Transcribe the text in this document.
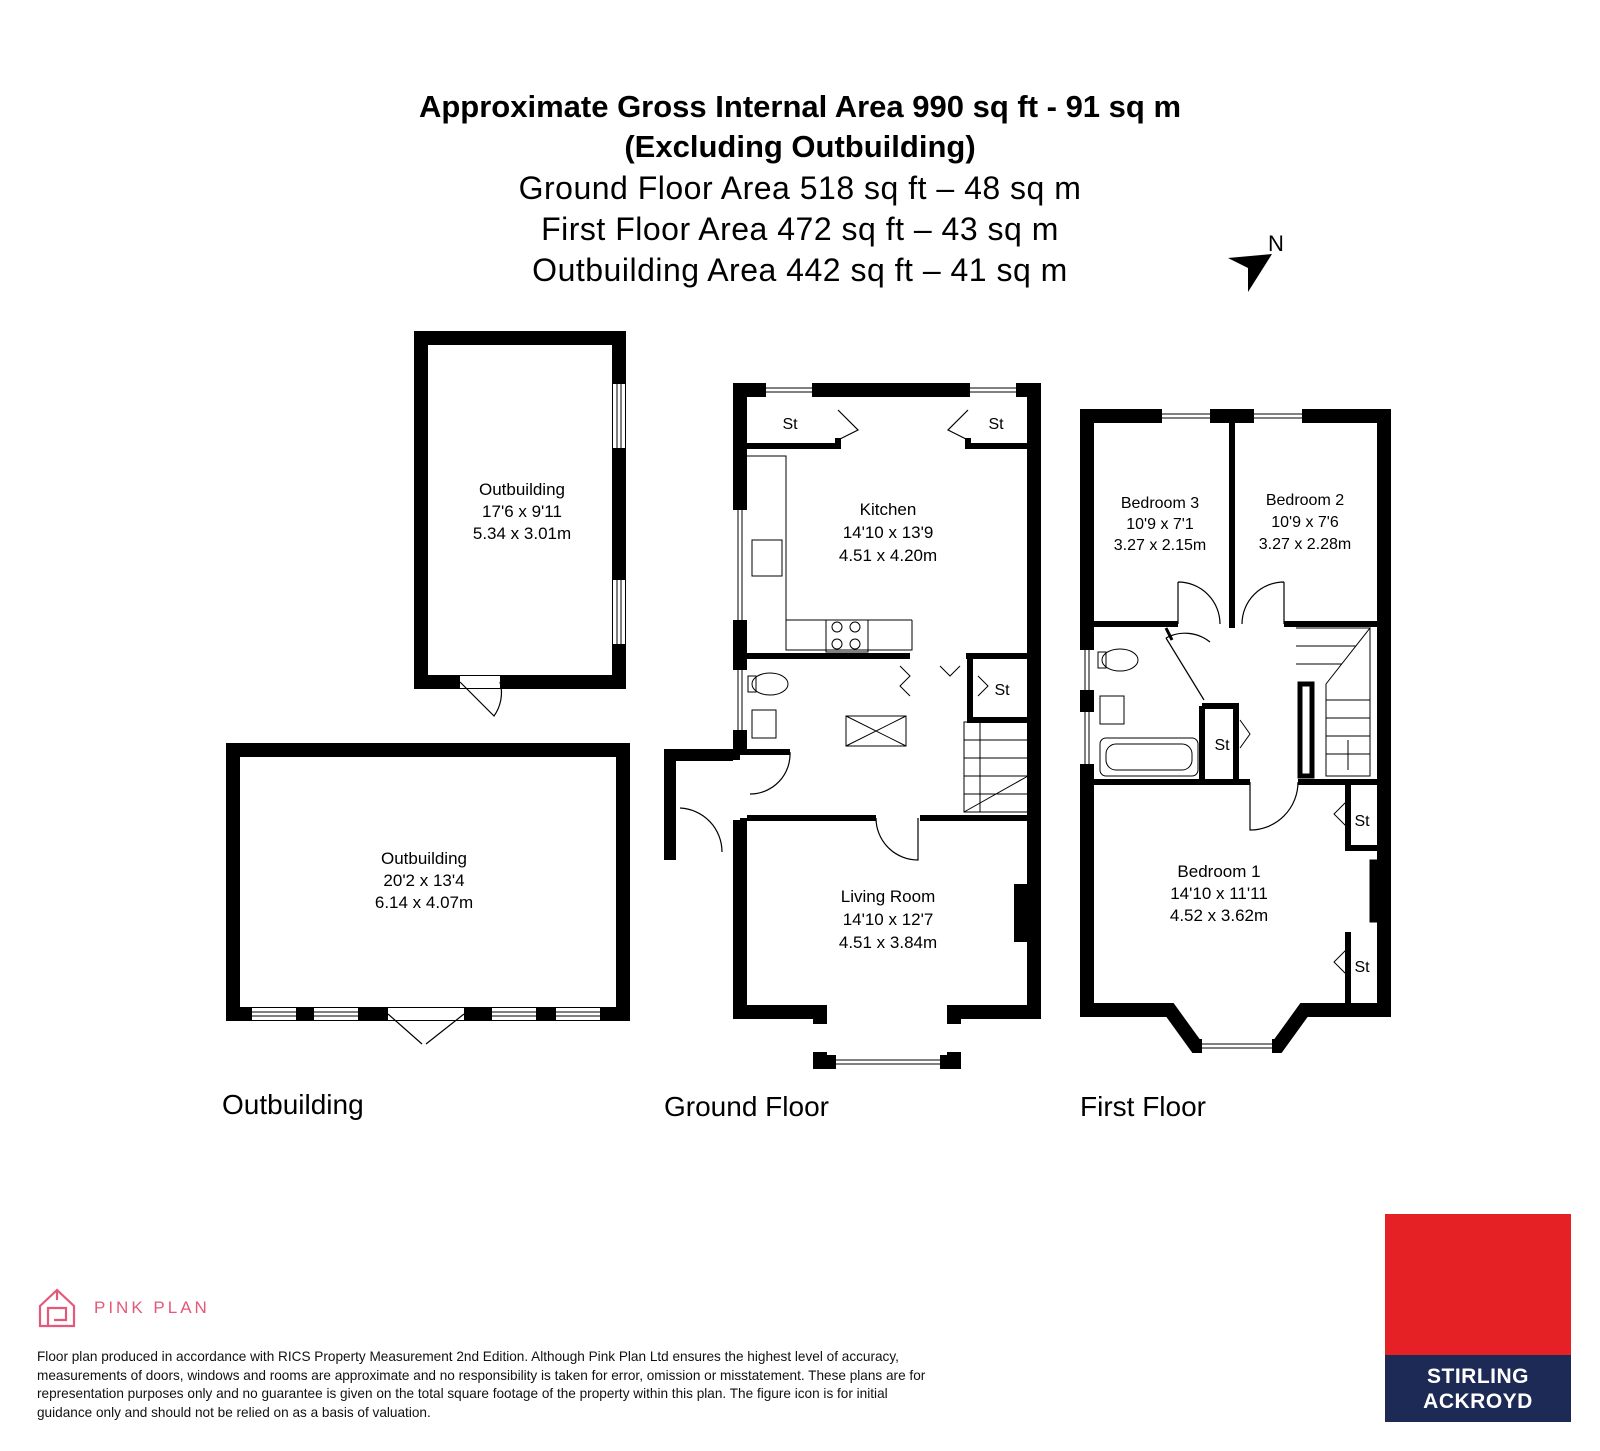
Approximate Gross Internal Area 990 sq ft - 91 sq m
(Excluding Outbuilding)
Ground Floor Area 518 sq ft – 48 sq m
First Floor Area 472 sq ft – 43 sq m
Outbuilding Area 442 sq ft – 41 sq m
N
Outbuilding
17'6 x 9'11
5.34 x 3.01m
Outbuilding
20'2 x 13'4
6.14 x 4.07m
Kitchen
14'10 x 13'9
4.51 x 4.20m
Living Room
14'10 x 12'7
4.51 x 3.84m
St	St
St
Bedroom 3
10'9 x 7'1
3.27 x 2.15m
Bedroom 2
10'9 x 7'6
3.27 x 2.28m
Bedroom 1
14'10 x 11'11
4.52 x 3.62m
St
St
St
Outbuilding	Ground Floor	First Floor
PINK PLAN
Floor plan produced in accordance with RICS Property Measurement 2nd Edition. Although Pink Plan Ltd ensures the highest level of accuracy, measurements of doors, windows and rooms are approximate and no responsibility is taken for error, omission or misstatement. These plans are for representation purposes only and no guarantee is given on the total square footage of the property within this plan. The figure icon is for initial guidance only and should not be relied on as a basis of valuation.
STIRLING
ACKROYD
